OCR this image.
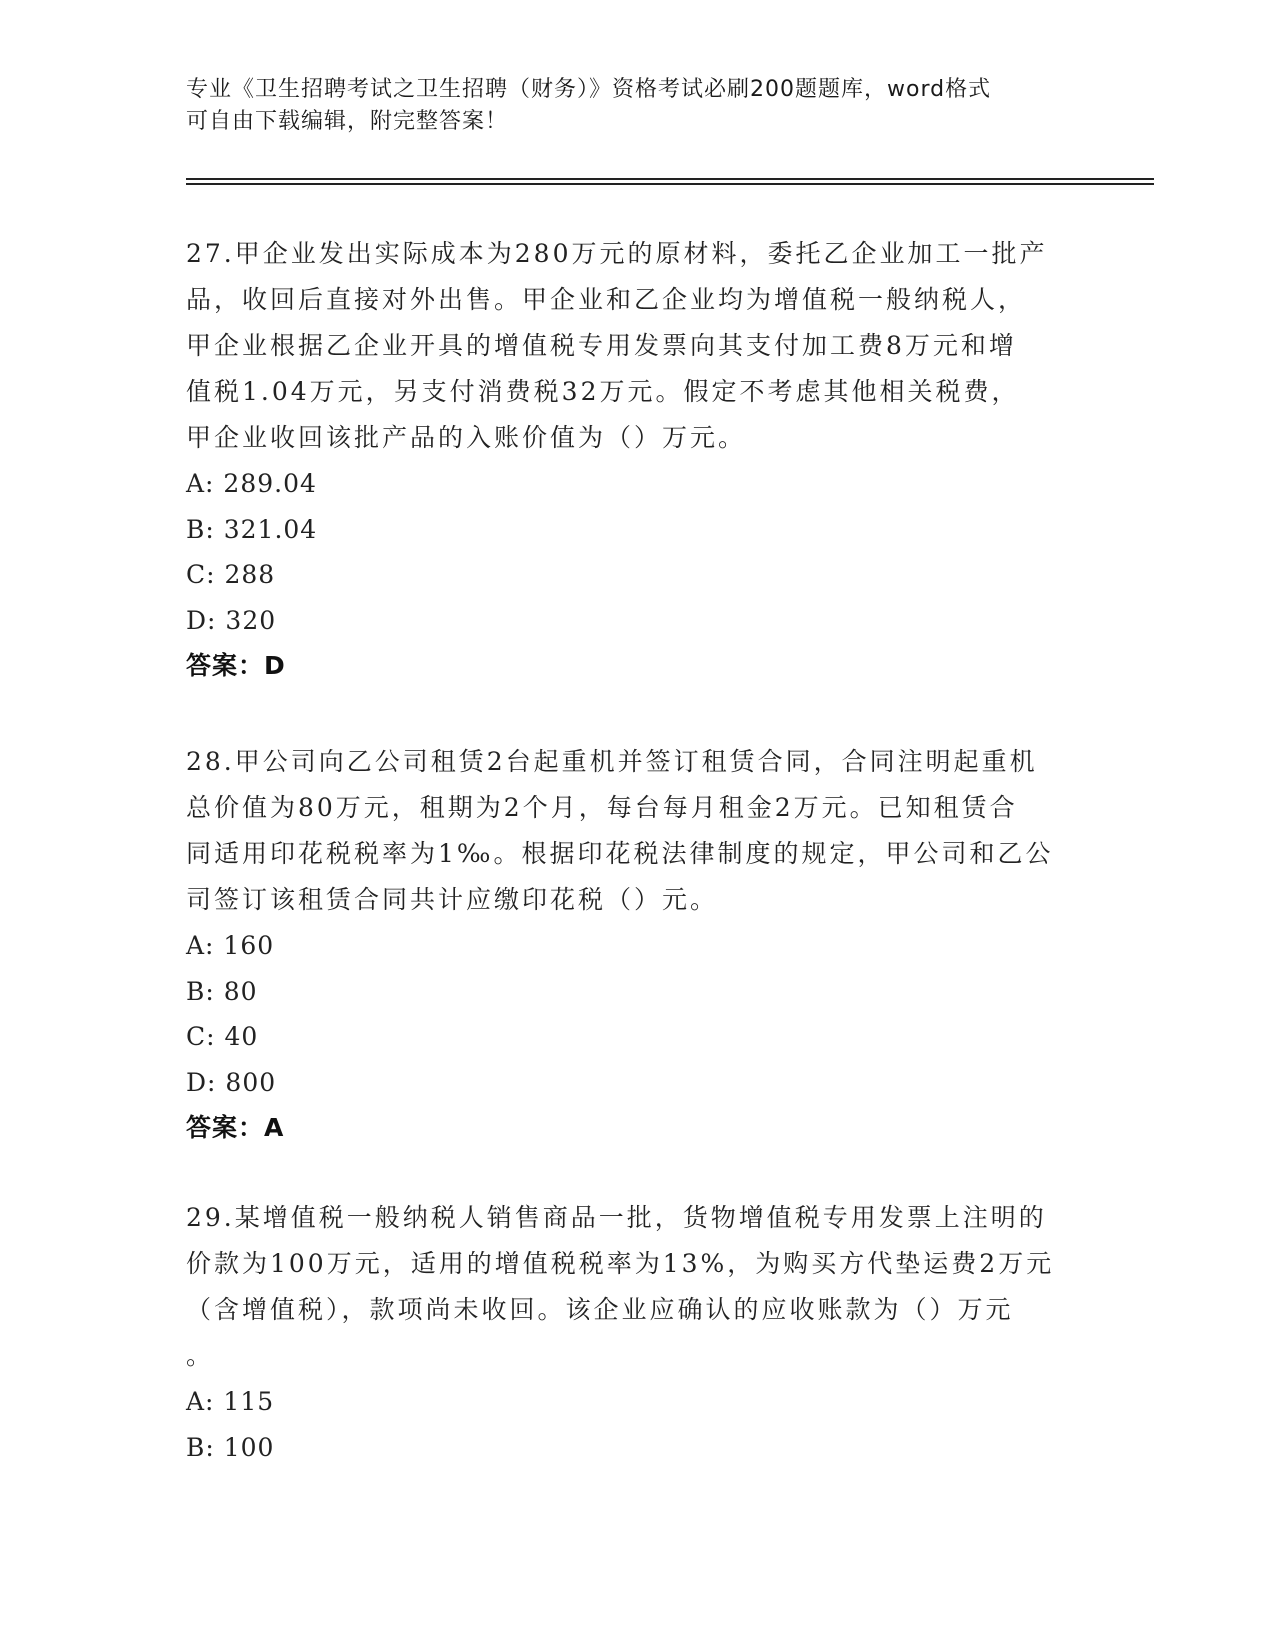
专业《卫生招聘考试之卫生招聘（财务）》资格考试必刷200题题库，word格式
可自由下载编辑，附完整答案！
27.甲企业发出实际成本为280万元的原材料，委托乙企业加工一批产
品，收回后直接对外出售。甲企业和乙企业均为增值税一般纳税人，
甲企业根据乙企业开具的增值税专用发票向其支付加工费8万元和增
值税1.04万元，另支付消费税32万元。假定不考虑其他相关税费，
甲企业收回该批产品的入账价值为（）万元。
A: 289.04
B: 321.04
C: 288
D: 320
答案：D
28.甲公司向乙公司租赁2台起重机并签订租赁合同，合同注明起重机
总价值为80万元，租期为2个月，每台每月租金2万元。已知租赁合
同适用印花税税率为1‰。根据印花税法律制度的规定，甲公司和乙公
司签订该租赁合同共计应缴印花税（）元。
A: 160
B: 80
C: 40
D: 800
答案：A
29.某增值税一般纳税人销售商品一批，货物增值税专用发票上注明的
价款为100万元，适用的增值税税率为13%，为购买方代垫运费2万元
（含增值税），款项尚未收回。该企业应确认的应收账款为（）万元
。
A: 115
B: 100
